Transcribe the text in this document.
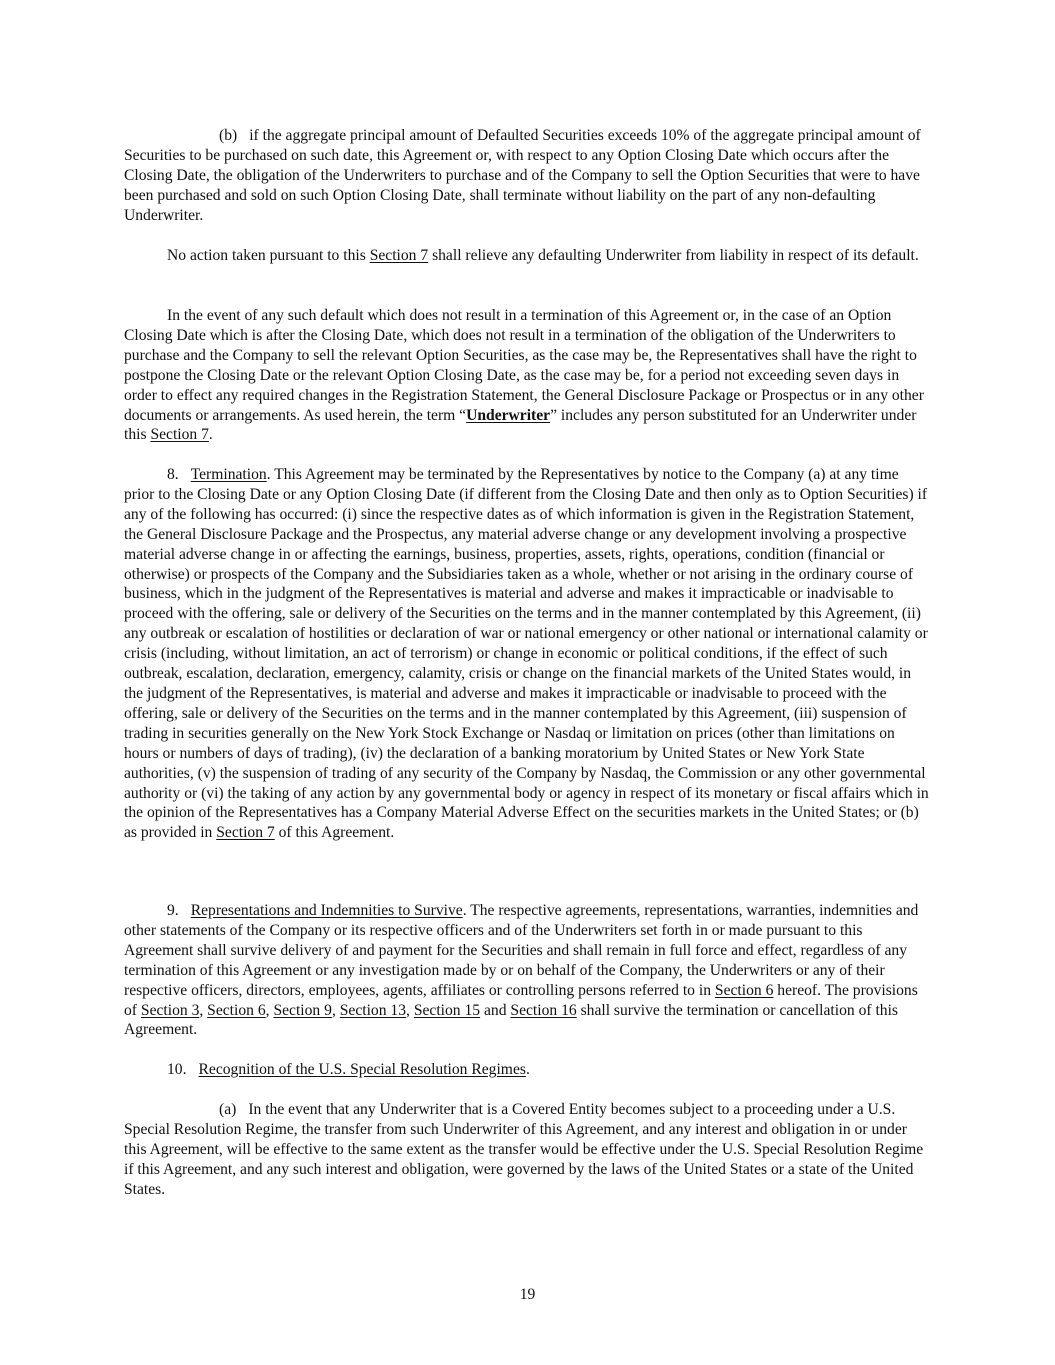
(b) if the aggregate principal amount of Defaulted Securities exceeds 10% of the aggregate principal amount of Securities to be purchased on such date, this Agreement or, with respect to any Option Closing Date which occurs after the Closing Date, the obligation of the Underwriters to purchase and of the Company to sell the Option Securities that were to have been purchased and sold on such Option Closing Date, shall terminate without liability on the part of any non-defaulting Underwriter.

No action taken pursuant to this Section 7 shall relieve any defaulting Underwriter from liability in respect of its default.

In the event of any such default which does not result in a termination of this Agreement or, in the case of an Option Closing Date which is after the Closing Date, which does not result in a termination of the obligation of the Underwriters to purchase and the Company to sell the relevant Option Securities, as the case may be, the Representatives shall have the right to postpone the Closing Date or the relevant Option Closing Date, as the case may be, for a period not exceeding seven days in order to effect any required changes in the Registration Statement, the General Disclosure Package or Prospectus or in any other documents or arrangements. As used herein, the term “Underwriter” includes any person substituted for an Underwriter under this Section 7.

8. Termination. This Agreement may be terminated by the Representatives by notice to the Company (a) at any time prior to the Closing Date or any Option Closing Date (if different from the Closing Date and then only as to Option Securities) if any of the following has occurred: (i) since the respective dates as of which information is given in the Registration Statement, the General Disclosure Package and the Prospectus, any material adverse change or any development involving a prospective material adverse change in or affecting the earnings, business, properties, assets, rights, operations, condition (financial or otherwise) or prospects of the Company and the Subsidiaries taken as a whole, whether or not arising in the ordinary course of business, which in the judgment of the Representatives is material and adverse and makes it impracticable or inadvisable to proceed with the offering, sale or delivery of the Securities on the terms and in the manner contemplated by this Agreement, (ii) any outbreak or escalation of hostilities or declaration of war or national emergency or other national or international calamity or crisis (including, without limitation, an act of terrorism) or change in economic or political conditions, if the effect of such outbreak, escalation, declaration, emergency, calamity, crisis or change on the financial markets of the United States would, in the judgment of the Representatives, is material and adverse and makes it impracticable or inadvisable to proceed with the offering, sale or delivery of the Securities on the terms and in the manner contemplated by this Agreement, (iii) suspension of trading in securities generally on the New York Stock Exchange or Nasdaq or limitation on prices (other than limitations on hours or numbers of days of trading), (iv) the declaration of a banking moratorium by United States or New York State authorities, (v) the suspension of trading of any security of the Company by Nasdaq, the Commission or any other governmental authority or (vi) the taking of any action by any governmental body or agency in respect of its monetary or fiscal affairs which in the opinion of the Representatives has a Company Material Adverse Effect on the securities markets in the United States; or (b) as provided in Section 7 of this Agreement.

9. Representations and Indemnities to Survive. The respective agreements, representations, warranties, indemnities and other statements of the Company or its respective officers and of the Underwriters set forth in or made pursuant to this Agreement shall survive delivery of and payment for the Securities and shall remain in full force and effect, regardless of any termination of this Agreement or any investigation made by or on behalf of the Company, the Underwriters or any of their respective officers, directors, employees, agents, affiliates or controlling persons referred to in Section 6 hereof. The provisions of Section 3, Section 6, Section 9, Section 13, Section 15 and Section 16 shall survive the termination or cancellation of this Agreement.

10. Recognition of the U.S. Special Resolution Regimes.

(a) In the event that any Underwriter that is a Covered Entity becomes subject to a proceeding under a U.S. Special Resolution Regime, the transfer from such Underwriter of this Agreement, and any interest and obligation in or under this Agreement, will be effective to the same extent as the transfer would be effective under the U.S. Special Resolution Regime if this Agreement, and any such interest and obligation, were governed by the laws of the United States or a state of the United States.

19
